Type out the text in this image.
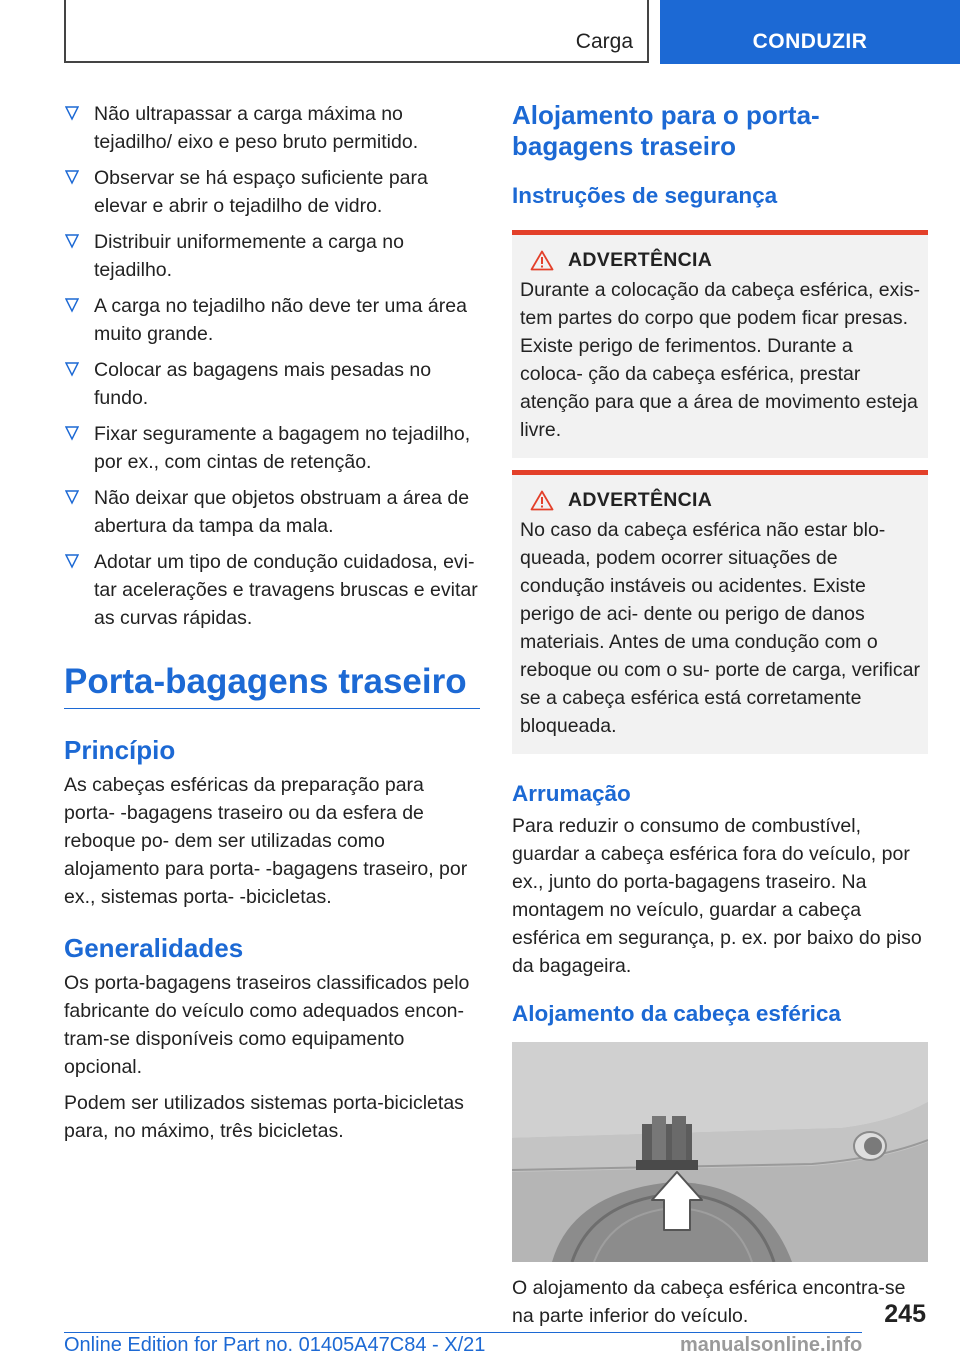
Carga	CONDUZIR
Não ultrapassar a carga máxima no tejadilho/ eixo e peso bruto permitido.
Observar se há espaço suficiente para elevar e abrir o tejadilho de vidro.
Distribuir uniformemente a carga no tejadilho.
A carga no tejadilho não deve ter uma área muito grande.
Colocar as bagagens mais pesadas no fundo.
Fixar seguramente a bagagem no tejadilho, por ex., com cintas de retenção.
Não deixar que objetos obstruam a área de abertura da tampa da mala.
Adotar um tipo de condução cuidadosa, evi- tar acelerações e travagens bruscas e evitar as curvas rápidas.
Porta-bagagens traseiro
Princípio

As cabeças esféricas da preparação para porta- -bagagens traseiro ou da esfera de reboque po- dem ser utilizadas como alojamento para porta- -bagagens traseiro, por ex., sistemas porta- -bicicletas.

Generalidades

Os porta-bagagens traseiros classificados pelo fabricante do veículo como adequados encon- tram-se disponíveis como equipamento opcional.

Podem ser utilizados sistemas porta-bicicletas para, no máximo, três bicicletas.

Alojamento para o porta- bagagens traseiro
Instruções de segurança
ADVERTÊNCIA

Durante a colocação da cabeça esférica, exis- tem partes do corpo que podem ficar presas. Existe perigo de ferimentos. Durante a coloca- ção da cabeça esférica, prestar atenção para que a área de movimento esteja livre.

ADVERTÊNCIA

No caso da cabeça esférica não estar blo- queada, podem ocorrer situações de condução instáveis ou acidentes. Existe perigo de aci- dente ou perigo de danos materiais. Antes de uma condução com o reboque ou com o su- porte de carga, verificar se a cabeça esférica está corretamente bloqueada.

Arrumação

Para reduzir o consumo de combustível, guardar a cabeça esférica fora do veículo, por ex., junto do porta-bagagens traseiro. Na montagem no veículo, guardar a cabeça esférica em segurança, p. ex. por baixo do piso da bagageira.

Alojamento da cabeça esférica

O alojamento da cabeça esférica encontra-se na parte inferior do veículo.	245
Online Edition for Part no. 01405A47C84 - X/21	manualsonline.info
